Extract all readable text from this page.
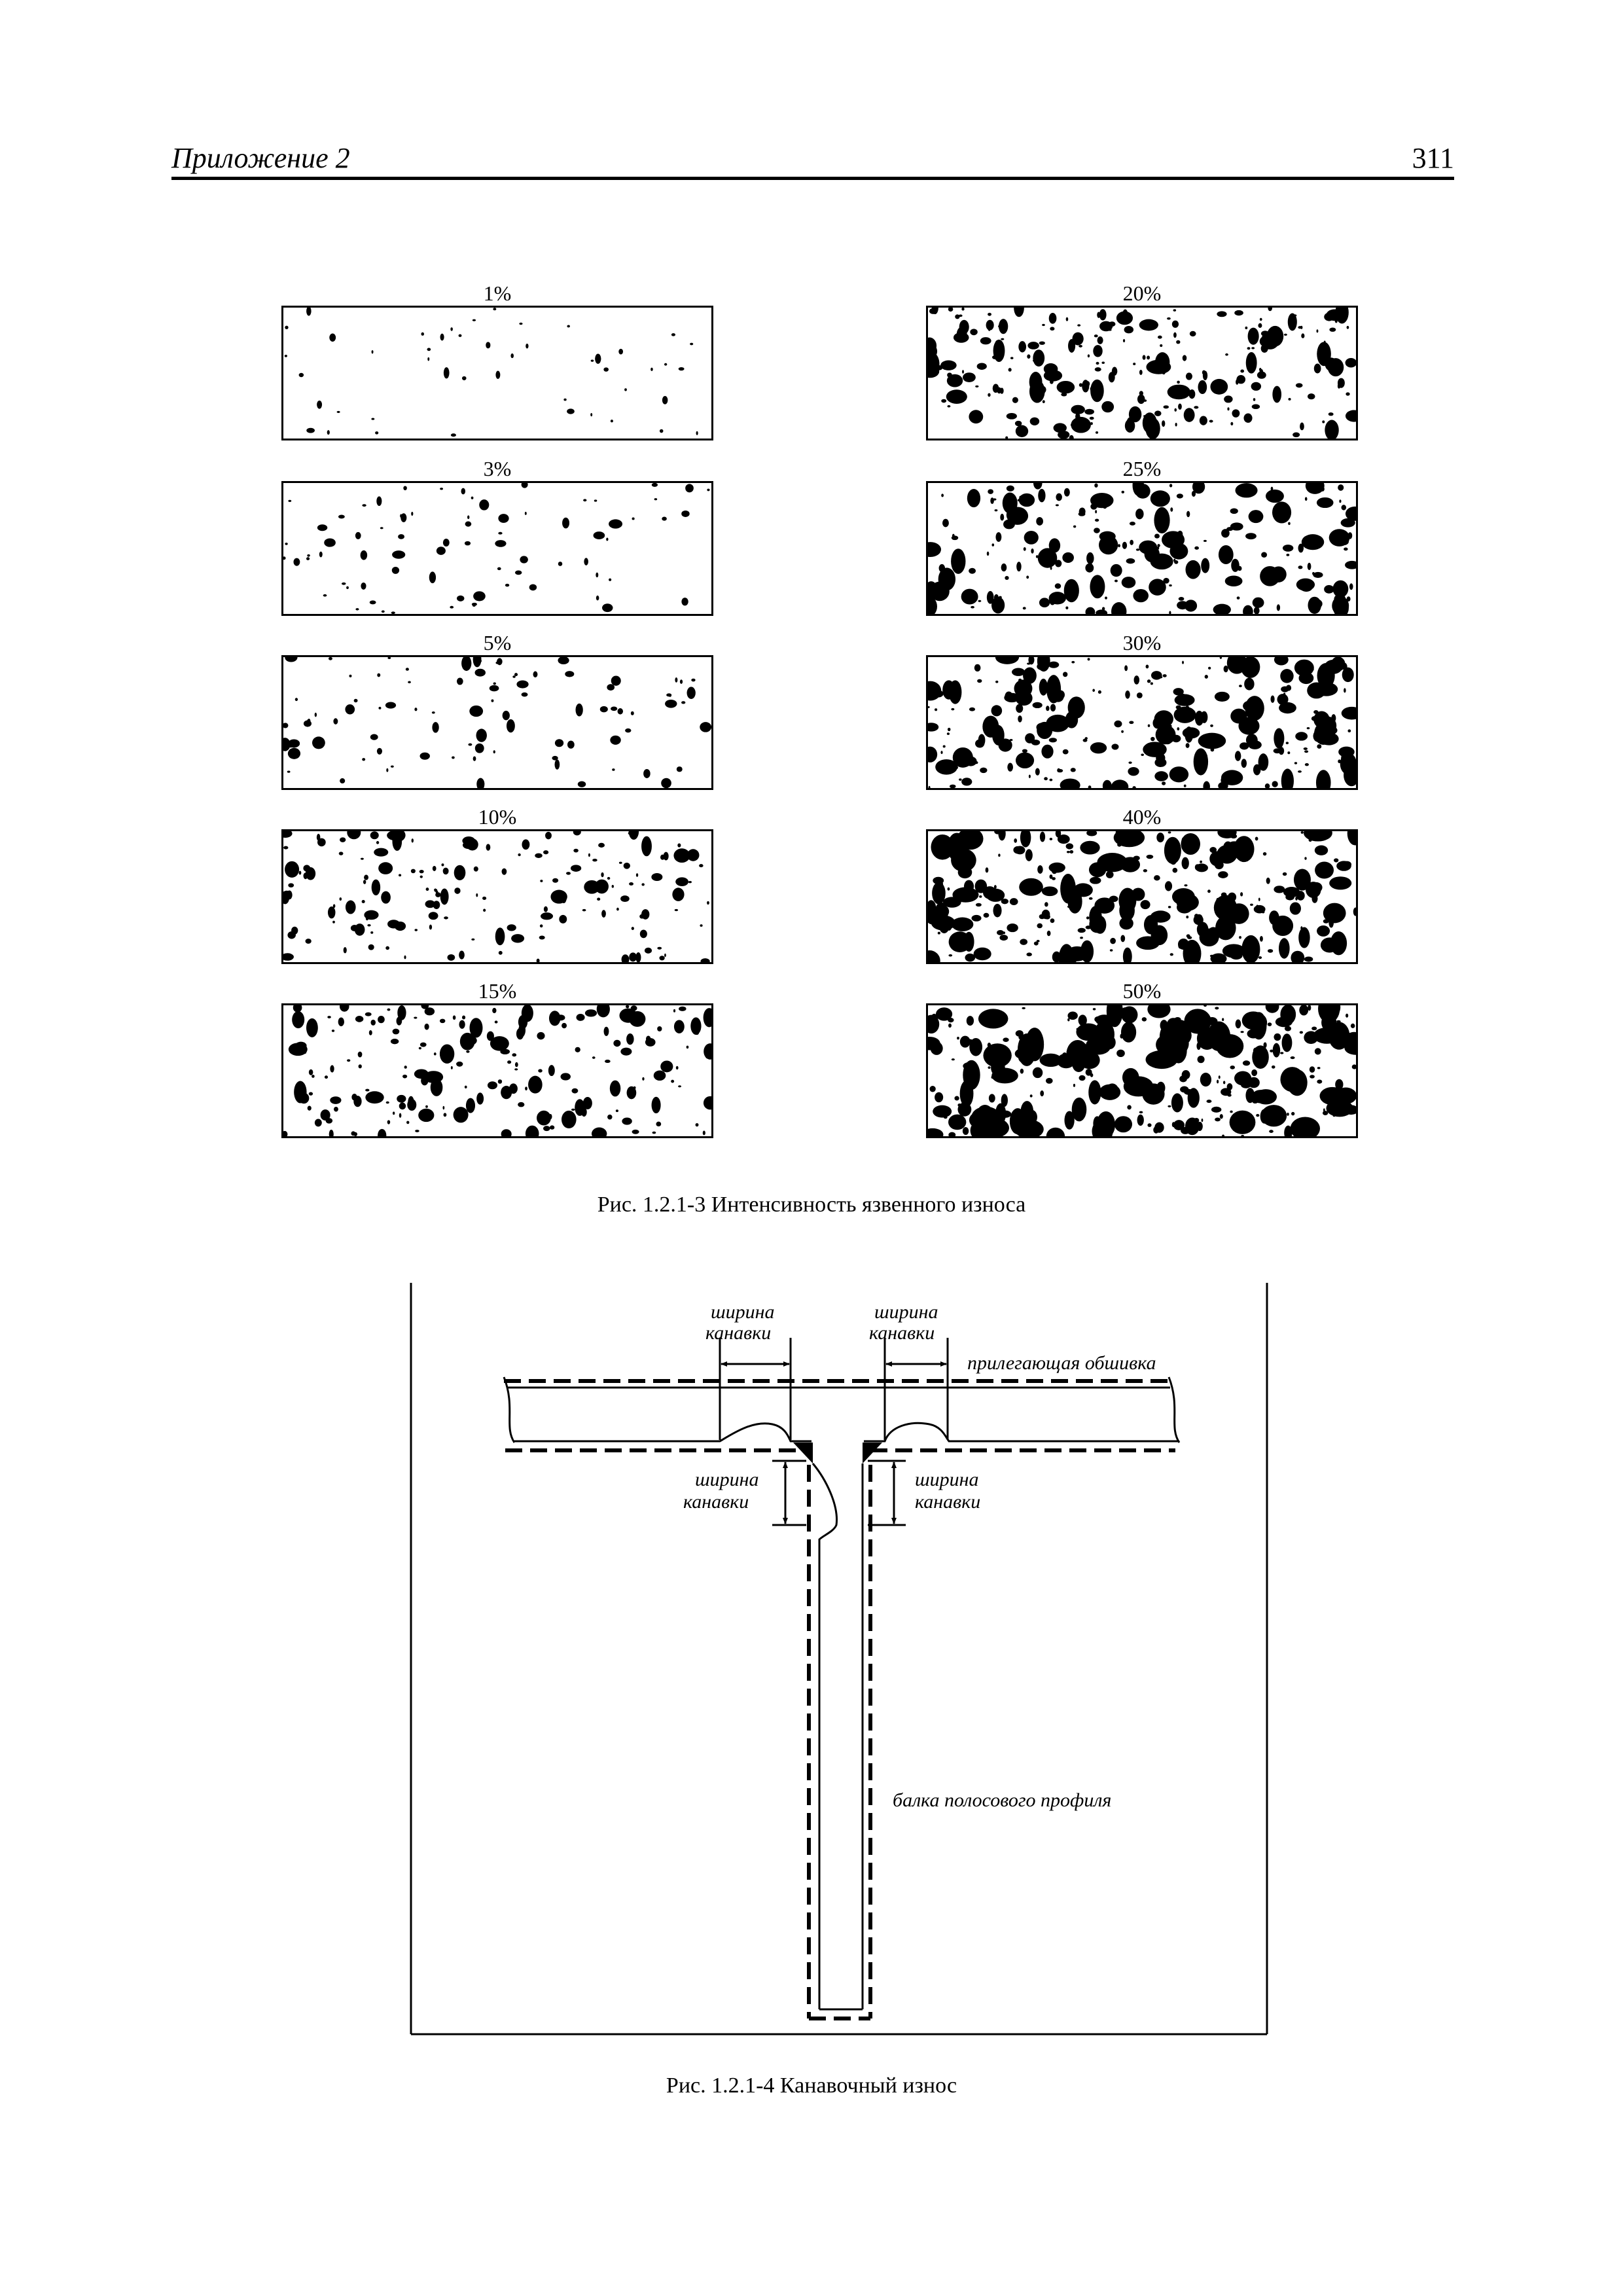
Приложение 2	311
1%
3%
5%
10%
15%
20%
25%
30%
40%
50%
Рис. 1.2.1-3 Интенсивность язвенного износа
ширина
канавки
ширина
канавки
прилегающая обшивка
ширина
канавки
ширина
канавки
балка полосового профиля
Рис. 1.2.1-4 Канавочный износ
